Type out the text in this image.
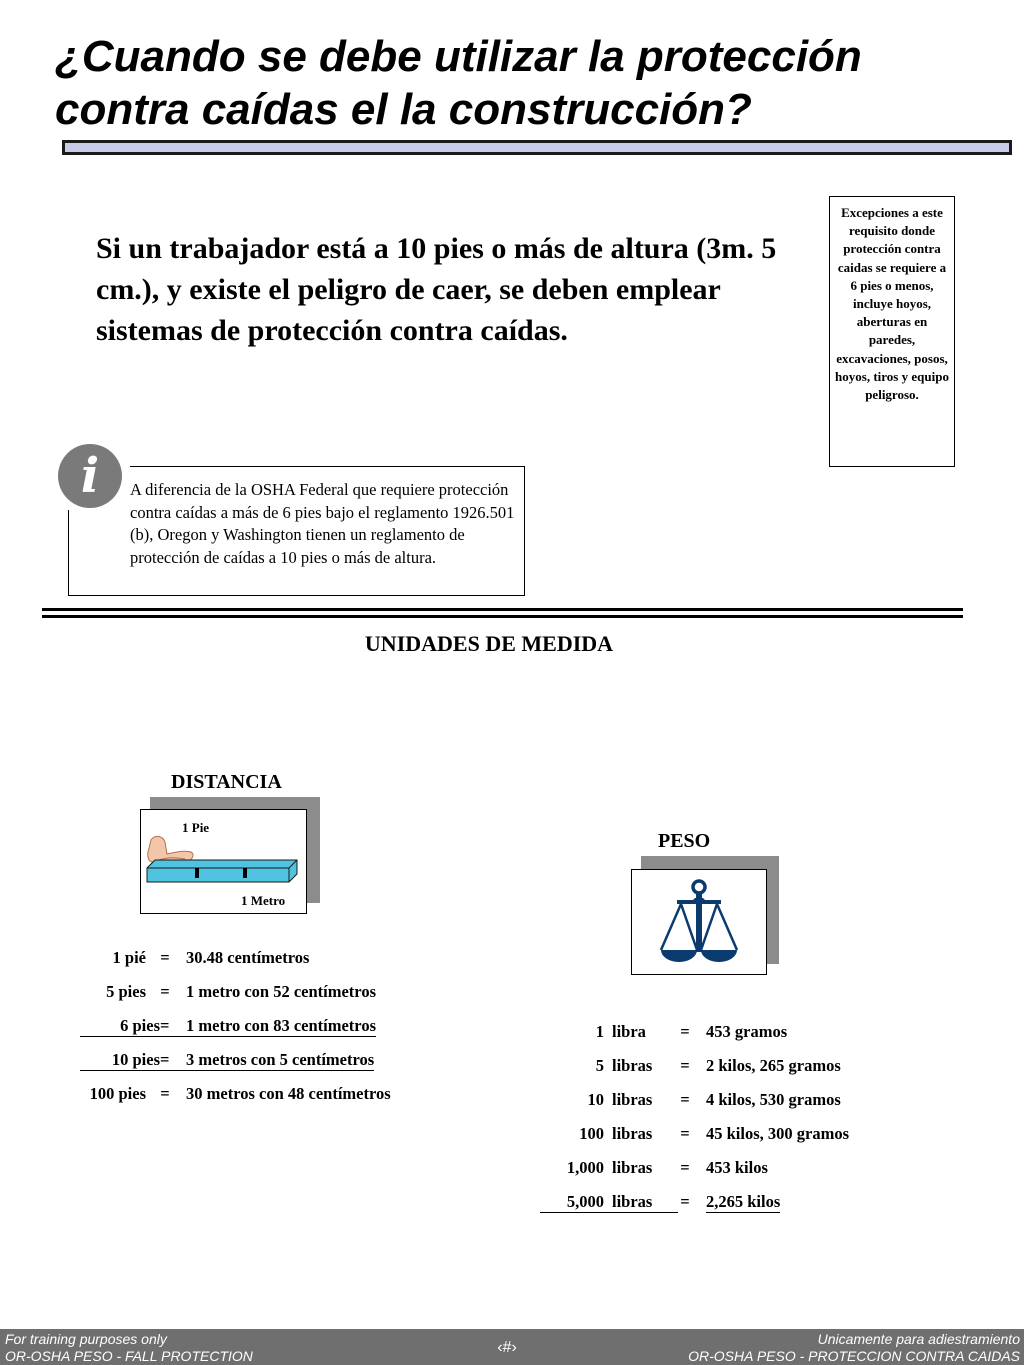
¿Cuando se debe utilizar la protección contra caídas el la construcción?

Si un trabajador está a 10 pies o más de altura (3m. 5 cm.), y existe el peligro de caer, se deben emplear sistemas de protección contra caídas.

Excepciones a este requisito donde protección contra caidas se requiere a 6 pies o menos, incluye hoyos, aberturas en paredes, excavaciones, posos, hoyos, tiros y equipo peligroso.
i	A diferencia de la OSHA Federal que requiere protección contra caídas a más de 6 pies bajo el reglamento 1926.501 (b), Oregon y Washington tienen un reglamento de protección de caídas a 10 pies o más de altura.

UNIDADES DE MEDIDA
DISTANCIA
1 Pie
1 Metro
1 pié = 30.48 centímetros
5 pies = 1 metro con 52 centímetros
6 pies =	1 metro con 83 centímetros
10 pies =	3 metros con 5 centímetros
100 pies = 30 metros con 48 centímetros
PESO
1 libra	= 453 gramos
5 libras	= 2 kilos, 265 gramos
10 libras	= 4 kilos, 530 gramos
100 libras	= 45 kilos, 300 gramos
1,000 libras	= 453 kilos
5,000 libras	= 2,265 kilos
For training purposes only
OR-OSHA PESO - FALL PROTECTION	‹#›	Unicamente para adiestramiento
OR-OSHA PESO - PROTECCION CONTRA CAIDAS
